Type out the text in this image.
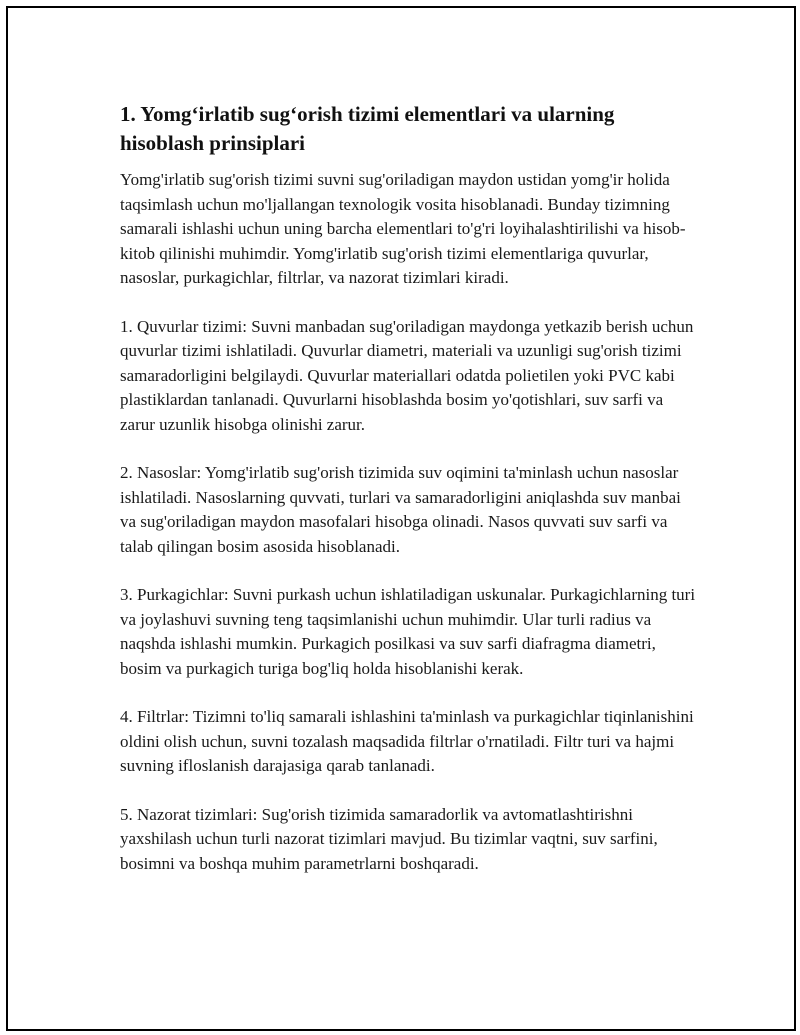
1. Yomg‘irlatib sug‘orish tizimi elementlari va ularning hisoblash prinsiplari

Yomg'irlatib sug'orish tizimi suvni sug'oriladigan maydon ustidan yomg'ir holida taqsimlash uchun mo'ljallangan texnologik vosita hisoblanadi. Bunday tizimning samarali ishlashi uchun uning barcha elementlari to'g'ri loyihalashtirilishi va hisob-kitob qilinishi muhimdir. Yomg'irlatib sug'orish tizimi elementlariga quvurlar, nasoslar, purkagichlar, filtrlar, va nazorat tizimlari kiradi.

1. Quvurlar tizimi: Suvni manbadan sug'oriladigan maydonga yetkazib berish uchun quvurlar tizimi ishlatiladi. Quvurlar diametri, materiali va uzunligi sug'orish tizimi samaradorligini belgilaydi. Quvurlar materiallari odatda polietilen yoki PVC kabi plastiklardan tanlanadi. Quvurlarni hisoblashda bosim yo'qotishlari, suv sarfi va zarur uzunlik hisobga olinishi zarur.

2. Nasoslar: Yomg'irlatib sug'orish tizimida suv oqimini ta'minlash uchun nasoslar ishlatiladi. Nasoslarning quvvati, turlari va samaradorligini aniqlashda suv manbai va sug'oriladigan maydon masofalari hisobga olinadi. Nasos quvvati suv sarfi va talab qilingan bosim asosida hisoblanadi.

3. Purkagichlar: Suvni purkash uchun ishlatiladigan uskunalar. Purkagichlarning turi va joylashuvi suvning teng taqsimlanishi uchun muhimdir. Ular turli radius va naqshda ishlashi mumkin. Purkagich posilkasi va suv sarfi diafragma diametri, bosim va purkagich turiga bog'liq holda hisoblanishi kerak.

4. Filtrlar: Tizimni to'liq samarali ishlashini ta'minlash va purkagichlar tiqinlanishini oldini olish uchun, suvni tozalash maqsadida filtrlar o'rnatiladi. Filtr turi va hajmi suvning ifloslanish darajasiga qarab tanlanadi.

5. Nazorat tizimlari: Sug'orish tizimida samaradorlik va avtomatlashtirishni yaxshilash uchun turli nazorat tizimlari mavjud. Bu tizimlar vaqtni, suv sarfini, bosimni va boshqa muhim parametrlarni boshqaradi.
